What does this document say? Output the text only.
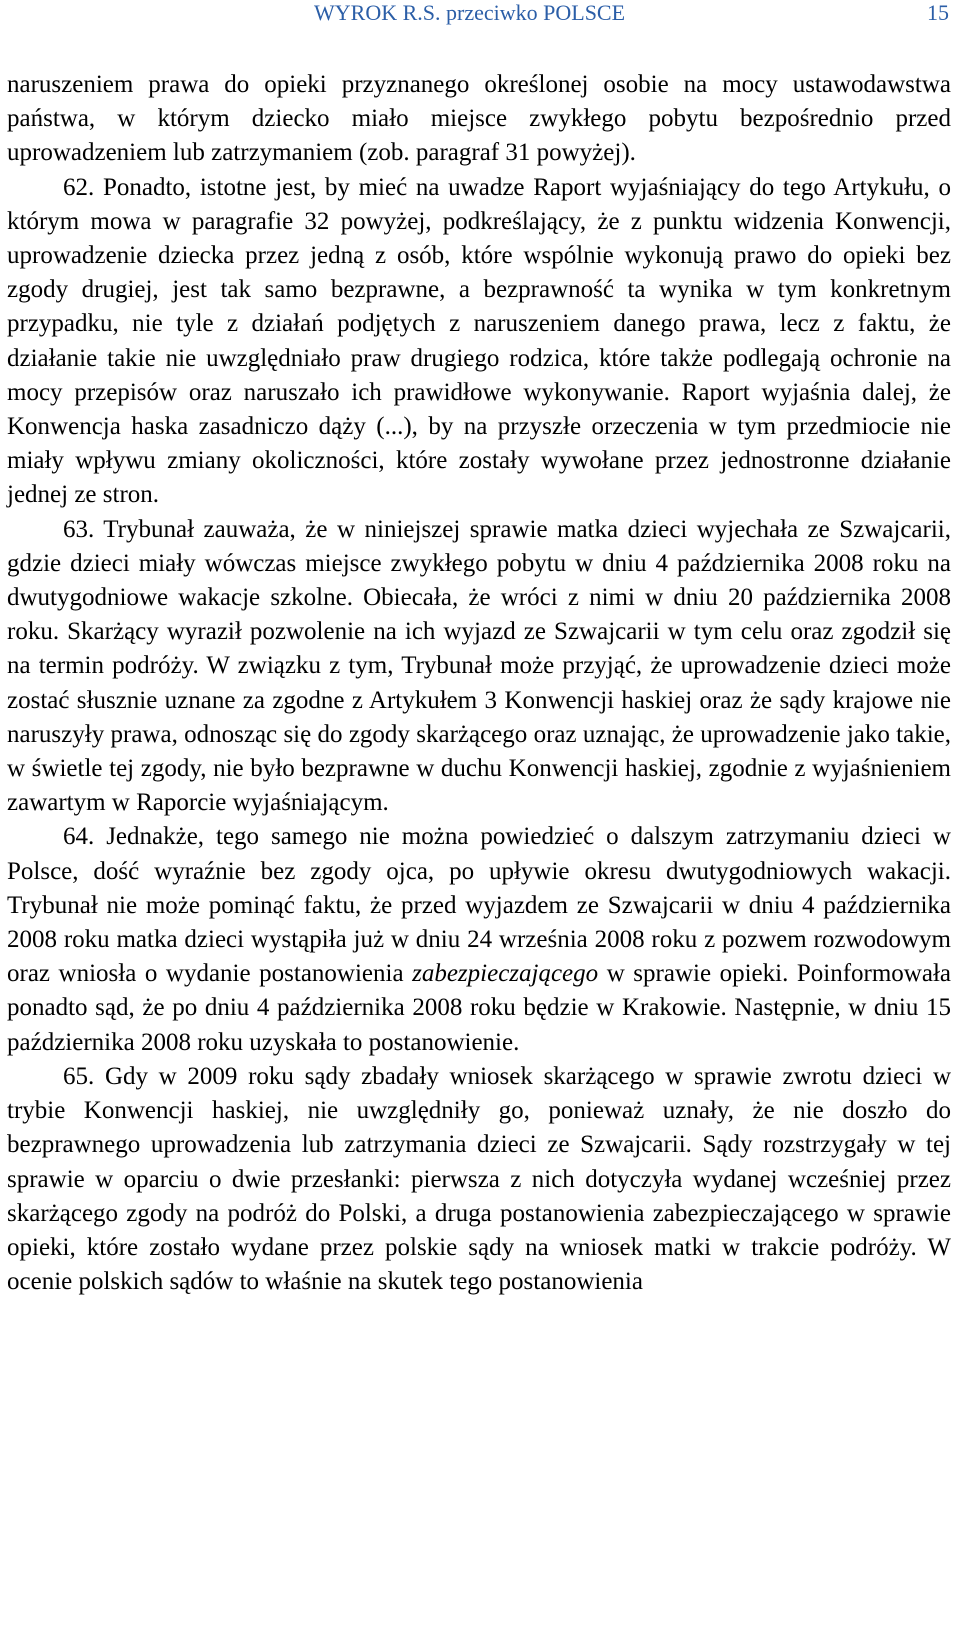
WYROK R.S. przeciwko POLSCE	15

naruszeniem prawa do opieki przyznanego określonej osobie na mocy ustawodawstwa państwa, w którym dziecko miało miejsce zwykłego pobytu bezpośrednio przed uprowadzeniem lub zatrzymaniem (zob. paragraf 31 powyżej).

62. Ponadto, istotne jest, by mieć na uwadze Raport wyjaśniający do tego Artykułu, o którym mowa w paragrafie 32 powyżej, podkreślający, że z punktu widzenia Konwencji, uprowadzenie dziecka przez jedną z osób, które wspólnie wykonują prawo do opieki bez zgody drugiej, jest tak samo bezprawne, a bezprawność ta wynika w tym konkretnym przypadku, nie tyle z działań podjętych z naruszeniem danego prawa, lecz z faktu, że działanie takie nie uwzględniało praw drugiego rodzica, które także podlegają ochronie na mocy przepisów oraz naruszało ich prawidłowe wykonywanie. Raport wyjaśnia dalej, że Konwencja haska zasadniczo dąży (...), by na przyszłe orzeczenia w tym przedmiocie nie miały wpływu zmiany okoliczności, które zostały wywołane przez jednostronne działanie jednej ze stron.

63. Trybunał zauważa, że w niniejszej sprawie matka dzieci wyjechała ze Szwajcarii, gdzie dzieci miały wówczas miejsce zwykłego pobytu w dniu 4 października 2008 roku na dwutygodniowe wakacje szkolne. Obiecała, że wróci z nimi w dniu 20 października 2008 roku. Skarżący wyraził pozwolenie na ich wyjazd ze Szwajcarii w tym celu oraz zgodził się na termin podróży. W związku z tym, Trybunał może przyjąć, że uprowadzenie dzieci może zostać słusznie uznane za zgodne z Artykułem 3 Konwencji haskiej oraz że sądy krajowe nie naruszyły prawa, odnosząc się do zgody skarżącego oraz uznając, że uprowadzenie jako takie, w świetle tej zgody, nie było bezprawne w duchu Konwencji haskiej, zgodnie z wyjaśnieniem zawartym w Raporcie wyjaśniającym.

64. Jednakże, tego samego nie można powiedzieć o dalszym zatrzymaniu dzieci w Polsce, dość wyraźnie bez zgody ojca, po upływie okresu dwutygodniowych wakacji. Trybunał nie może pominąć faktu, że przed wyjazdem ze Szwajcarii w dniu 4 października 2008 roku matka dzieci wystąpiła już w dniu 24 września 2008 roku z pozwem rozwodowym oraz wniosła o wydanie postanowienia zabezpieczającego w sprawie opieki. Poinformowała ponadto sąd, że po dniu 4 października 2008 roku będzie w Krakowie. Następnie, w dniu 15 października 2008 roku uzyskała to postanowienie.

65. Gdy w 2009 roku sądy zbadały wniosek skarżącego w sprawie zwrotu dzieci w trybie Konwencji haskiej, nie uwzględniły go, ponieważ uznały, że nie doszło do bezprawnego uprowadzenia lub zatrzymania dzieci ze Szwajcarii. Sądy rozstrzygały w tej sprawie w oparciu o dwie przesłanki: pierwsza z nich dotyczyła wydanej wcześniej przez skarżącego zgody na podróż do Polski, a druga postanowienia zabezpieczającego w sprawie opieki, które zostało wydane przez polskie sądy na wniosek matki w trakcie podróży. W ocenie polskich sądów to właśnie na skutek tego postanowienia
